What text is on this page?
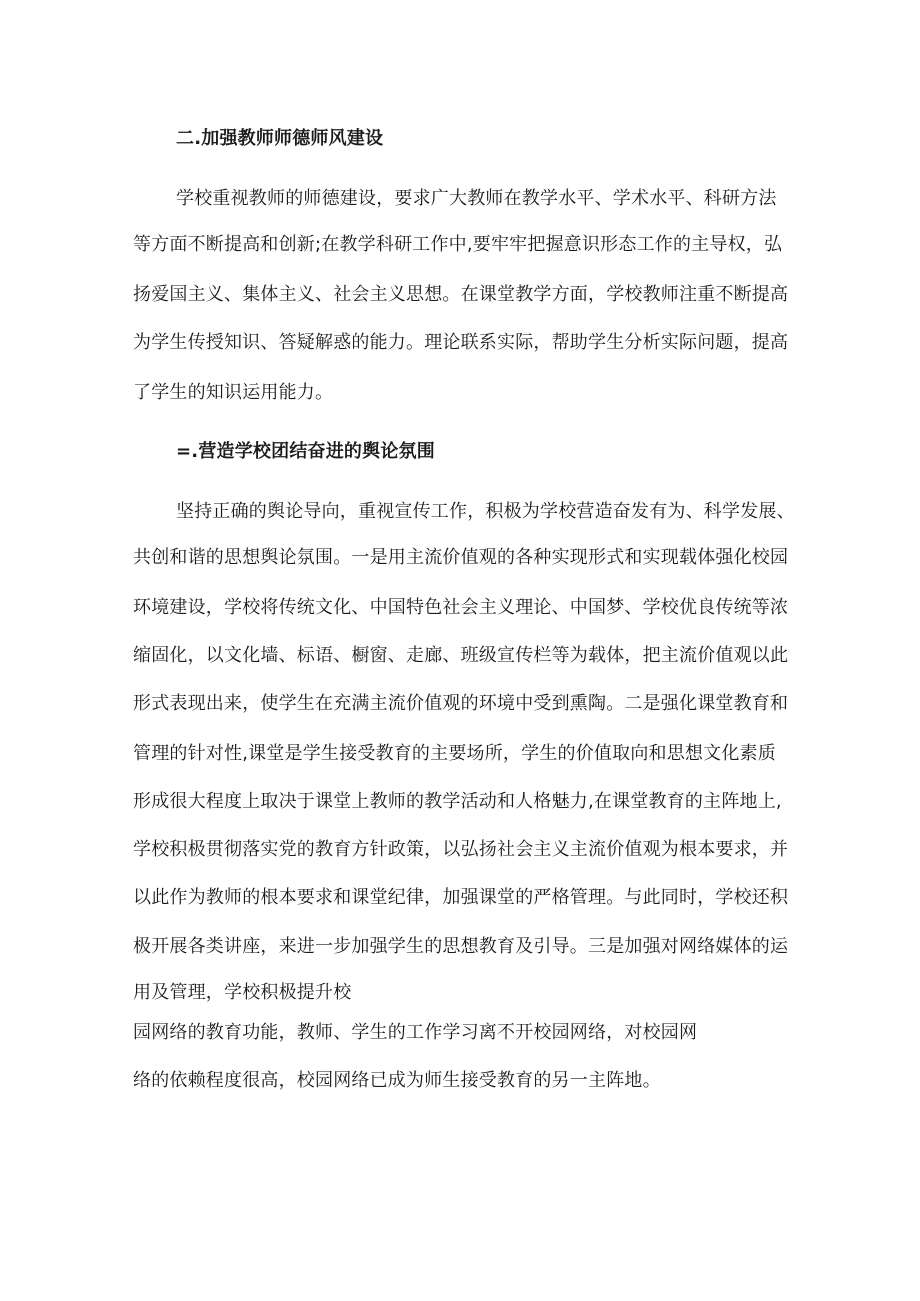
二.加强教师师德师风建设
学校重视教师的师德建设，要求广大教师在教学水平、学术水平、科研方法
等方面不断提高和创新;在教学科研工作中,要牢牢把握意识形态工作的主导权，弘
扬爱国主义、集体主义、社会主义思想。在课堂教学方面，学校教师注重不断提高
为学生传授知识、答疑解惑的能力。理论联系实际，帮助学生分析实际问题，提高
了学生的知识运用能力。
=.营造学校团结奋进的舆论氛围
坚持正确的舆论导向，重视宣传工作，积极为学校营造奋发有为、科学发展、
共创和谐的思想舆论氛围。一是用主流价值观的各种实现形式和实现载体强化校园
环境建设，学校将传统文化、中国特色社会主义理论、中国梦、学校优良传统等浓
缩固化，以文化墙、标语、橱窗、走廊、班级宣传栏等为载体，把主流价值观以此
形式表现出来，使学生在充满主流价值观的环境中受到熏陶。二是强化课堂教育和
管理的针对性,课堂是学生接受教育的主要场所，学生的价值取向和思想文化素质
形成很大程度上取决于课堂上教师的教学活动和人格魅力,在课堂教育的主阵地上,
学校积极贯彻落实党的教育方针政策，以弘扬社会主义主流价值观为根本要求，并
以此作为教师的根本要求和课堂纪律，加强课堂的严格管理。与此同时，学校还积
极开展各类讲座，来进一步加强学生的思想教育及引导。三是加强对网络媒体的运
用及管理，学校积极提升校
园网络的教育功能，教师、学生的工作学习离不开校园网络，对校园网
络的依赖程度很高，校园网络已成为师生接受教育的另一主阵地。
